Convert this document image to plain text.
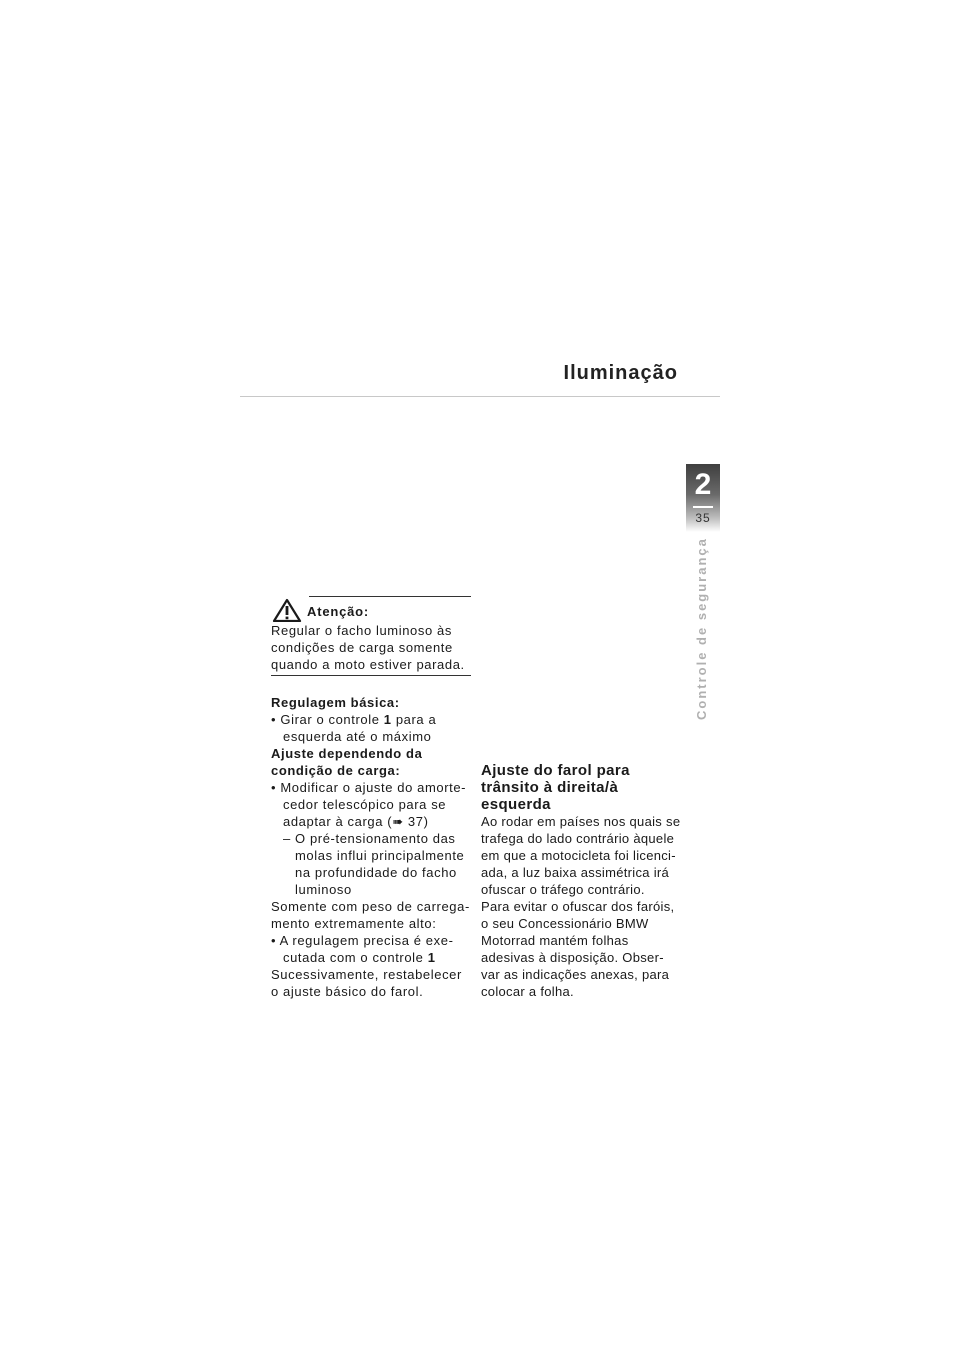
Iluminação
2
35
Controle de segurança
Atenção:

Regular o facho luminoso às

condições de carga somente

quando a moto estiver parada.

Regulagem básica:

• Girar o controle 1 para a
esquerda até o máximo

Ajuste dependendo da

condição de carga:

• Modificar o ajuste do amorte-
cedor telescópico para se
adaptar à carga (➠ 37)
– O pré-tensionamento das
molas influi principalmente
na profundidade do facho
luminoso

Somente com peso de carrega-

mento extremamente alto:

• A regulagem precisa é exe-
cutada com o controle 1

Sucessivamente, restabelecer

o ajuste básico do farol.

Ajuste do farol para

trânsito à direita/à

esquerda

Ao rodar em países nos quais se

trafega do lado contrário àquele

em que a motocicleta foi licenci-

ada, a luz baixa assimétrica irá

ofuscar o tráfego contrário.

Para evitar o ofuscar dos faróis,

o seu Concessionário BMW

Motorrad mantém folhas

adesivas à disposição. Obser-

var as indicações anexas, para

colocar a folha.
